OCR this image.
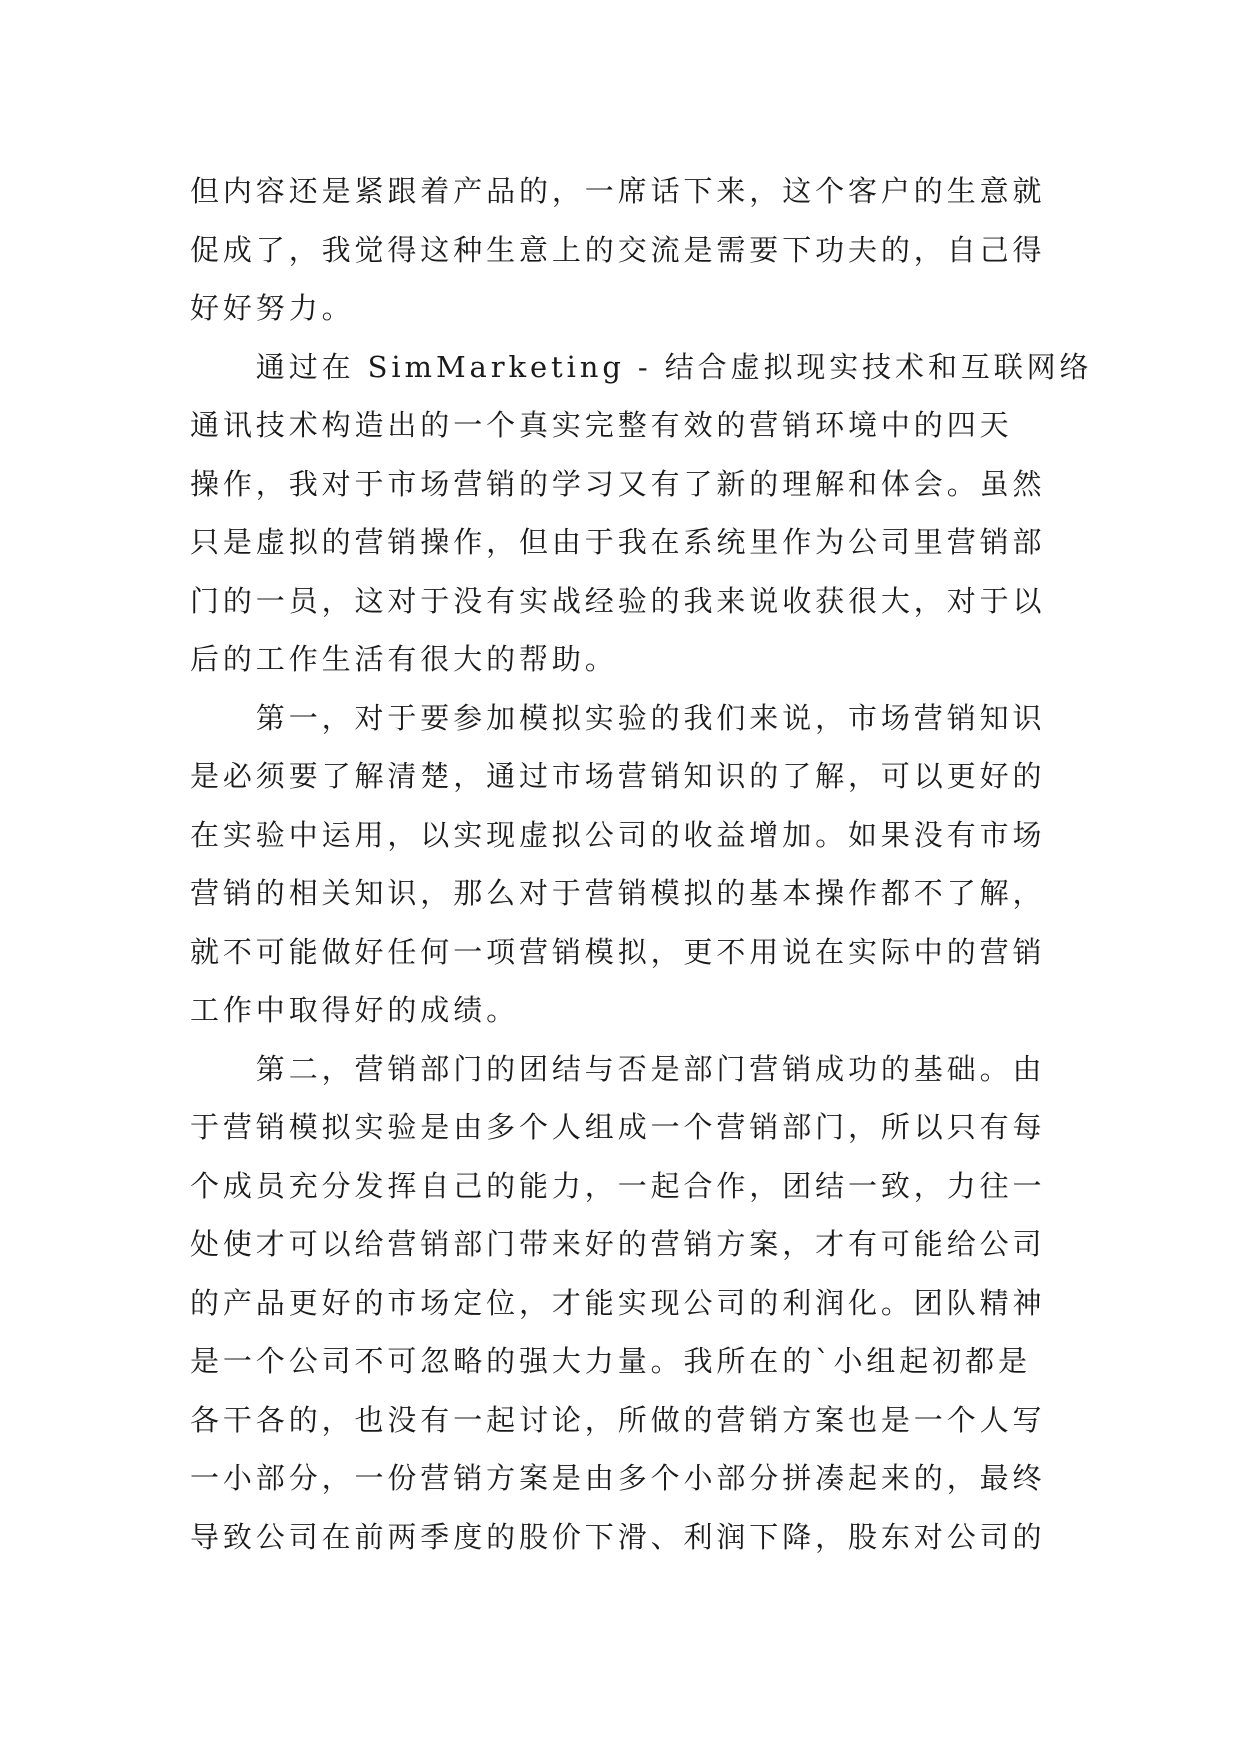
但内容还是紧跟着产品的，一席话下来，这个客户的生意就
促成了，我觉得这种生意上的交流是需要下功夫的，自己得
好好努力。
　　通过在 SimMarketing - 结合虚拟现实技术和互联网络
通讯技术构造出的一个真实完整有效的营销环境中的四天
操作，我对于市场营销的学习又有了新的理解和体会。虽然
只是虚拟的营销操作，但由于我在系统里作为公司里营销部
门的一员，这对于没有实战经验的我来说收获很大，对于以
后的工作生活有很大的帮助。
　　第一，对于要参加模拟实验的我们来说，市场营销知识
是必须要了解清楚，通过市场营销知识的了解，可以更好的
在实验中运用，以实现虚拟公司的收益增加。如果没有市场
营销的相关知识，那么对于营销模拟的基本操作都不了解，
就不可能做好任何一项营销模拟，更不用说在实际中的营销
工作中取得好的成绩。
　　第二，营销部门的团结与否是部门营销成功的基础。由
于营销模拟实验是由多个人组成一个营销部门，所以只有每
个成员充分发挥自己的能力，一起合作，团结一致，力往一
处使才可以给营销部门带来好的营销方案，才有可能给公司
的产品更好的市场定位，才能实现公司的利润化。团队精神
是一个公司不可忽略的强大力量。我所在的`小组起初都是
各干各的，也没有一起讨论，所做的营销方案也是一个人写
一小部分，一份营销方案是由多个小部分拼凑起来的，最终
导致公司在前两季度的股价下滑、利润下降，股东对公司的
